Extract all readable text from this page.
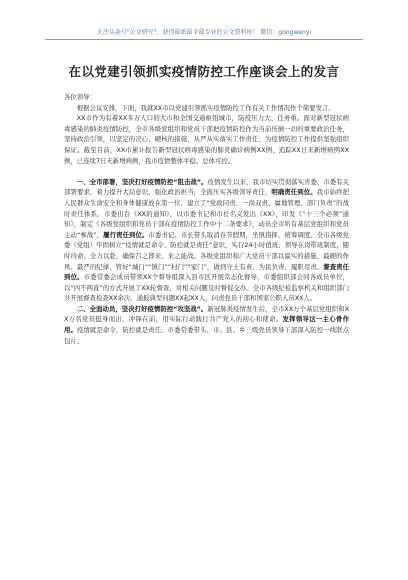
关注头条号"公文研究"，获得最新最全最专业的公文资料库！ 微信：gongwenyi
在以党建引领抓实疫情防控工作座谈会上的发言

各位领导：

根据会议安排，下面，我就XX市以党建引领抓实疫情防控工作有关工作情况作个简要发言。

XX市作为有着XX多万人口的大市和全国交通枢纽城市，防疫压力大、任务重。面对新型冠状病毒感染的肺炎疫情防控，全市各级党组织和党员干部把疫情防控作为当前压倒一切的重要政治任务，坚持政治引领，以坚定的决心、硬核的措施、从严从实落实工作责任，为疫情防控工作提供坚强组织保证。截至目前，XX市累计报告新型冠状病毒感染的肺炎确诊病例XX例，追踪XX日来新增病例XX例，已连续7日无新增病例，我市疫情整体平稳、总体可控。

一、全市部署，坚决打好疫情防控“阻击战”。疫情发生以来，我市切实贯彻落实省委、市委有关部署要求，着力提升大局意识、强化政治担当，全面压实各级领导责任，明确责任到位。我市始终把人民群众生命安全和身体健康放在第一位，建立了“党政同责、一岗双责、属地管理、部门负责”的战时责任体系。市委出台《XX的通知》，以市委书记和市长名义发出《XX》，印发《“十三个必须”通知》，制定《各级党组织和党员干部在疫情防控工作中十二条要求》，动员全市所有基层党组织和党员主动“参战”，履行责任到位。市委书记、市长带头取消春节假期，坐镇指挥，统筹调度。全市各级党委（党组）牢固树立“疫情就是命令、防控就是责任”意识，实行24小时值班、领导在岗带班制度，随时待命、全力以赴，确保召之即来、来之能战。各级党组织和广大党员干部以最实的措施、最硬的作风、最严的纪律，管好“城门”“镇门”“村门”“家门”，做到守土有责、为民负责、履职尽责。督查责任到位。市委常委会成员带领XX个督导组深入县市区开展常态化督导，市委组织部会同各成员单位，以“四不两直”的方式开展了XX轮督查，对相关问题及时督促交办。全市各级纪检监察机关和组织部门共开展督查检查XX余次，通报典型问题XX起XX人，问责党员干部和国家公职人员XX人。

二、全面动员，坚决打好疫情防控“攻坚战”。新冠肺炎疫情发生后，全市XX万个基层党组织和XX万名党员挺身而出、冲锋在前，用实际行动践行共产党人的初心和使命。发挥领导这一主心骨作用。疫情就是命令，防控就是责任。市委常委带头、市、县、乡三级党员领导干部深入防控一线联点包片、
